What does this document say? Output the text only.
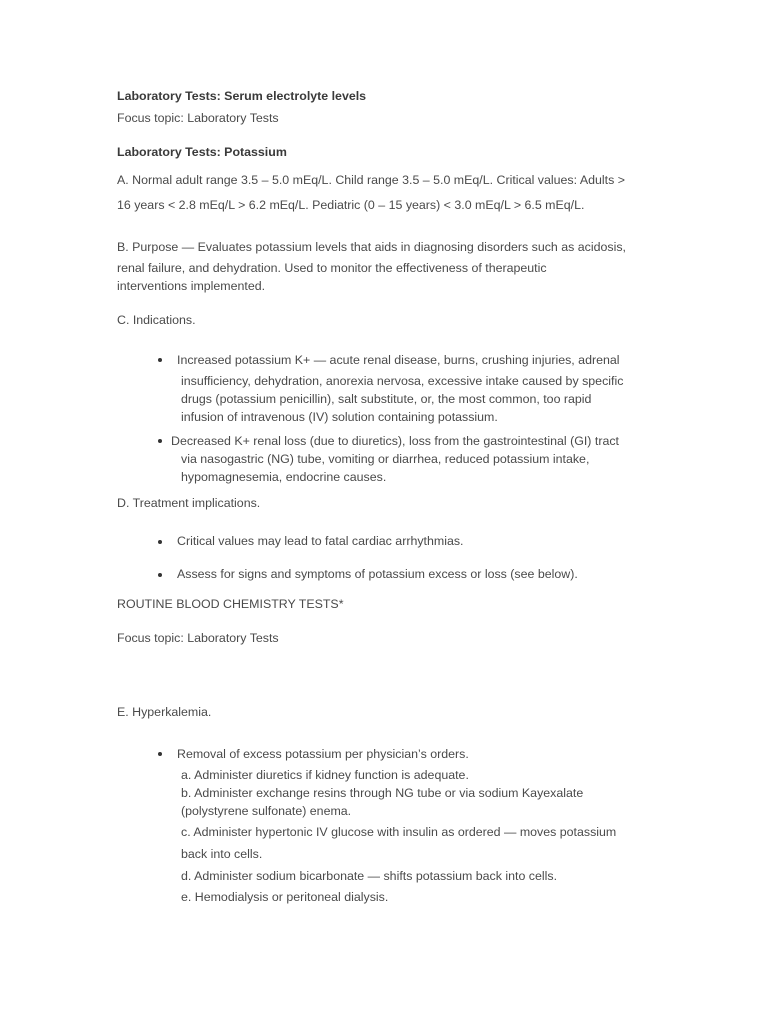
Laboratory Tests: Serum electrolyte levels
Focus topic: Laboratory Tests
Laboratory Tests: Potassium
A. Normal adult range 3.5 – 5.0 mEq/L. Child range 3.5 – 5.0 mEq/L. Critical values: Adults >
16 years < 2.8 mEq/L > 6.2 mEq/L. Pediatric (0 – 15 years) < 3.0 mEq/L > 6.5 mEq/L.
B. Purpose — Evaluates potassium levels that aids in diagnosing disorders such as acidosis,
renal failure, and dehydration. Used to monitor the effectiveness of therapeutic
interventions implemented.
C. Indications.
Increased potassium K+ — acute renal disease, burns, crushing injuries, adrenal
insufficiency, dehydration, anorexia nervosa, excessive intake caused by specific
drugs (potassium penicillin), salt substitute, or, the most common, too rapid
infusion of intravenous (IV) solution containing potassium.
Decreased K+ renal loss (due to diuretics), loss from the gastrointestinal (GI) tract
via nasogastric (NG) tube, vomiting or diarrhea, reduced potassium intake,
hypomagnesemia, endocrine causes.
D. Treatment implications.
Critical values may lead to fatal cardiac arrhythmias.
Assess for signs and symptoms of potassium excess or loss (see below).
ROUTINE BLOOD CHEMISTRY TESTS*
Focus topic: Laboratory Tests
E. Hyperkalemia.
Removal of excess potassium per physician’s orders.
a. Administer diuretics if kidney function is adequate.
b. Administer exchange resins through NG tube or via sodium Kayexalate
(polystyrene sulfonate) enema.
c. Administer hypertonic IV glucose with insulin as ordered — moves potassium
back into cells.
d. Administer sodium bicarbonate — shifts potassium back into cells.
e. Hemodialysis or peritoneal dialysis.
